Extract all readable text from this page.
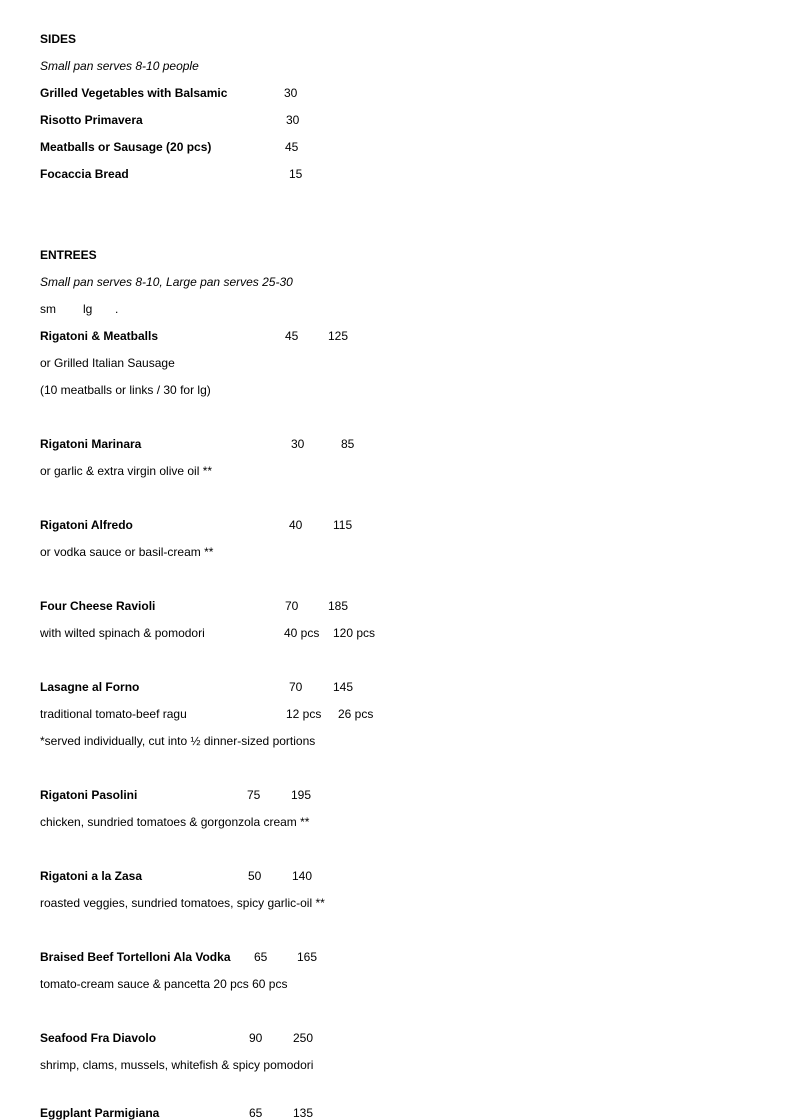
SIDES
Small pan serves 8-10 people
Grilled Vegetables with Balsamic	30
Risotto Primavera	30
Meatballs or Sausage (20 pcs)	45
Focaccia Bread	15
ENTREES
Small pan serves 8-10, Large pan serves 25-30
sm lg .
Rigatoni & Meatballs	45 125
or Grilled Italian Sausage
(10 meatballs or links / 30 for lg)
Rigatoni Marinara	30	85
or garlic & extra virgin olive oil **
Rigatoni Alfredo	40	115
or vodka sauce or basil-cream **
Four Cheese Ravioli	70 185
with wilted spinach & pomodori	40 pcs 120 pcs
Lasagne al Forno	70	145
traditional tomato-beef ragu	12 pcs 26 pcs
*served individually, cut into ½ dinner-sized portions
Rigatoni Pasolini	75	195
chicken, sundried tomatoes & gorgonzola cream **
Rigatoni a la Zasa	50	140
roasted veggies, sundried tomatoes, spicy garlic-oil **
Braised Beef Tortelloni Ala Vodka 65 165
tomato-cream sauce & pancetta 20 pcs 60 pcs
Seafood Fra Diavolo	90	250
shrimp, clams, mussels, whitefish & spicy pomodori
Eggplant Parmigiana	65	135
